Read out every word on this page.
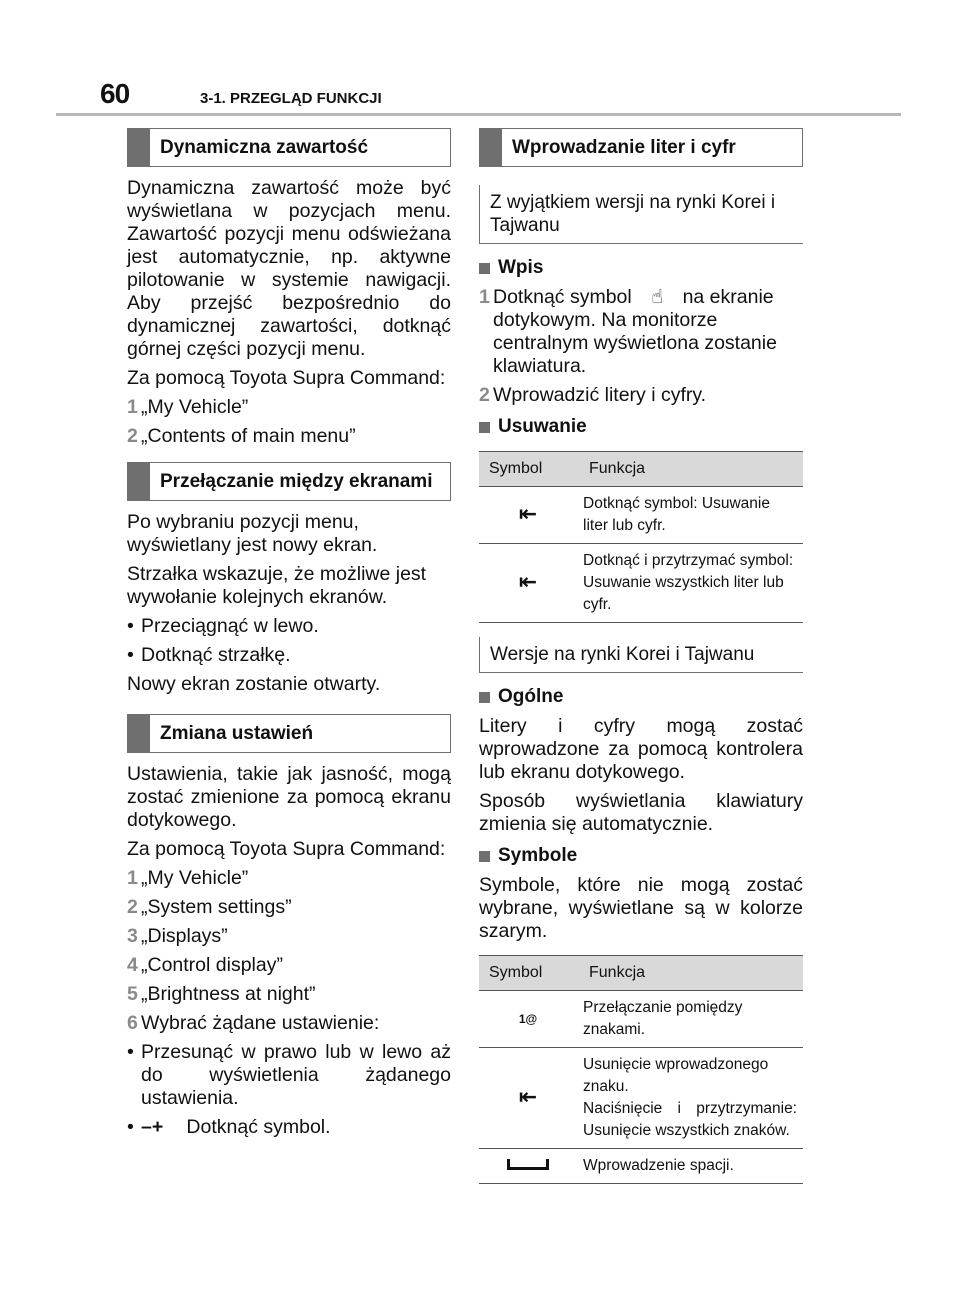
60	3-1. PRZEGLĄD FUNKCJI
Dynamiczna zawartość

Dynamiczna zawartość może być wyświetlana w pozycjach menu. Zawartość pozycji menu odświeżana jest automatycznie, np. aktywne pilotowanie w systemie nawigacji. Aby przejść bezpośrednio do dynamicznej zawartości, dotknąć górnej części pozycji menu.

Za pomocą Toyota Supra Command:

1 „My Vehicle”
2 „Contents of main menu”
Przełączanie między ekranami

Po wybraniu pozycji menu, wyświetlany jest nowy ekran.

Strzałka wskazuje, że możliwe jest wywołanie kolejnych ekranów.

• Przeciągnąć w lewo.
• Dotknąć strzałkę.

Nowy ekran zostanie otwarty.

Zmiana ustawień

Ustawienia, takie jak jasność, mogą zostać zmienione za pomocą ekranu dotykowego.

Za pomocą Toyota Supra Command:

1 „My Vehicle”
2 „System settings”
3 „Displays”
4 „Control display”
5 „Brightness at night”
6 Wybrać żądane ustawienie:
• Przesunąć w prawo lub w lewo aż do wyświetlenia żądanego ustawienia.
• –+ Dotknąć symbol.
Wprowadzanie liter i cyfr
Z wyjątkiem wersji na rynki Korei i Tajwanu
Wpis
1 Dotknąć symbol ☝ na ekranie dotykowym. Na monitorze centralnym wyświetlona zostanie klawiatura.
2 Wprowadzić litery i cyfry.
Usuwanie
Symbol	Funkcja
⇤	Dotknąć symbol: Usuwanie liter lub cyfr.
⇤	Dotknąć i przytrzymać symbol: Usuwanie wszystkich liter lub cyfr.
Wersje na rynki Korei i Tajwanu
Ogólne

Litery i cyfry mogą zostać wprowadzone za pomocą kontrolera lub ekranu dotykowego.

Sposób wyświetlania klawiatury zmienia się automatycznie.

Symbole

Symbole, które nie mogą zostać wybrane, wyświetlane są w kolorze szarym.

Symbol	Funkcja
1@	Przełączanie pomiędzy znakami.
⇤	Usunięcie wprowadzonego znaku.
Naciśnięcie i przytrzymanie: Usunięcie wszystkich znaków.

	Wprowadzenie spacji.
